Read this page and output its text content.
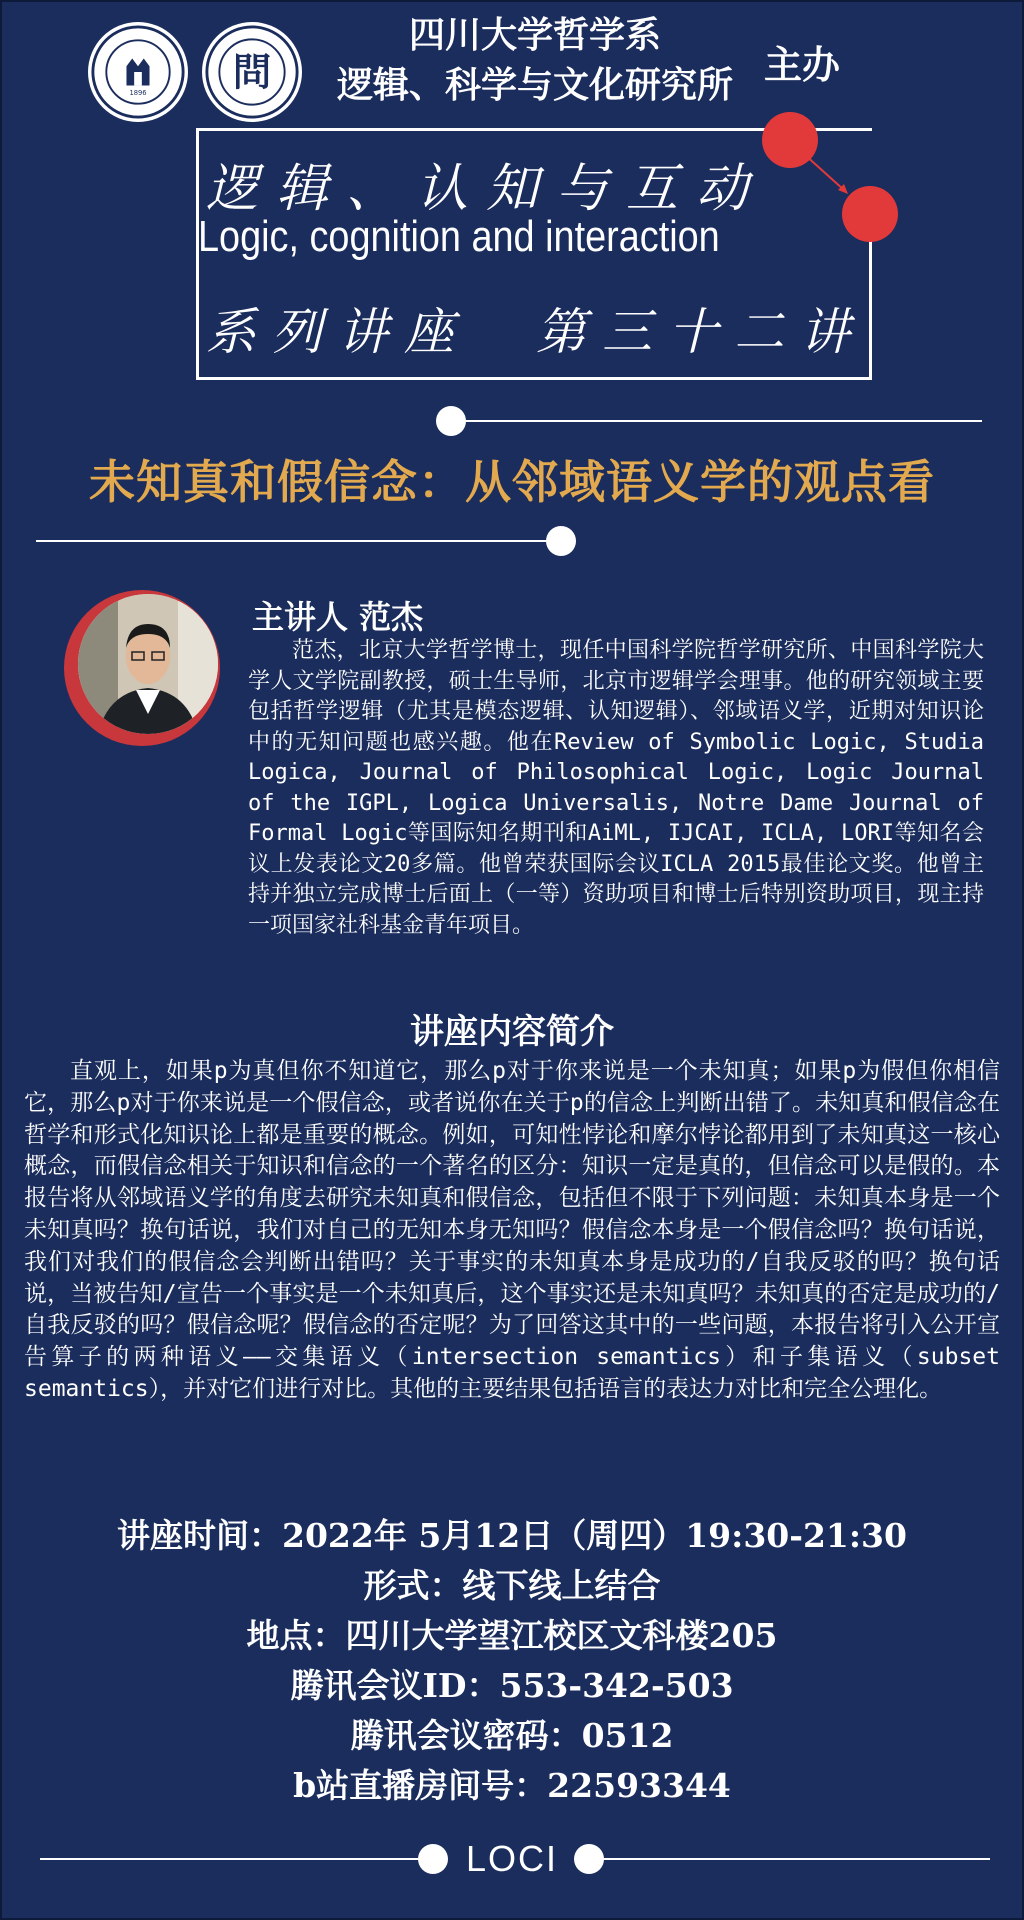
1896 問
四川大学哲学系
逻辑、科学与文化研究所 主办
逻辑、认知与互动
Logic, cognition and interaction
系列讲座　第三十二讲
未知真和假信念：从邻域语义学的观点看
主讲人 范杰
范杰，北京大学哲学博士，现任中国科学院哲学研究所、中国科学院大学人文学院副教授，硕士生导师，北京市逻辑学会理事。他的研究领域主要包括哲学逻辑（尤其是模态逻辑、认知逻辑）、邻域语义学，近期对知识论中的无知问题也感兴趣。他在Review of Symbolic Logic, Studia Logica, Journal of Philosophical Logic, Logic Journal of the IGPL, Logica Universalis, Notre Dame Journal of Formal Logic等国际知名期刊和AiML, IJCAI, ICLA, LORI等知名会议上发表论文20多篇。他曾荣获国际会议ICLA 2015最佳论文奖。他曾主持并独立完成博士后面上（一等）资助项目和博士后特别资助项目，现主持一项国家社科基金青年项目。
讲座内容简介
直观上，如果p为真但你不知道它，那么p对于你来说是一个未知真；如果p为假但你相信它，那么p对于你来说是一个假信念，或者说你在关于p的信念上判断出错了。未知真和假信念在哲学和形式化知识论上都是重要的概念。例如，可知性悖论和摩尔悖论都用到了未知真这一核心概念，而假信念相关于知识和信念的一个著名的区分：知识一定是真的，但信念可以是假的。本报告将从邻域语义学的角度去研究未知真和假信念，包括但不限于下列问题：未知真本身是一个未知真吗？换句话说，我们对自己的无知本身无知吗？假信念本身是一个假信念吗？换句话说，我们对我们的假信念会判断出错吗？关于事实的未知真本身是成功的/自我反驳的吗？换句话说，当被告知/宣告一个事实是一个未知真后，这个事实还是未知真吗？未知真的否定是成功的/自我反驳的吗？假信念呢？假信念的否定呢？为了回答这其中的一些问题，本报告将引入公开宣告算子的两种语义——交集语义（intersection semantics）和子集语义（subset semantics），并对它们进行对比。其他的主要结果包括语言的表达力对比和完全公理化。
讲座时间：2022年 5月12日（周四）19:30-21:30
形式：线下线上结合
地点：四川大学望江校区文科楼205
腾讯会议ID：553-342-503
腾讯会议密码：0512
b站直播房间号：22593344
LOCI
